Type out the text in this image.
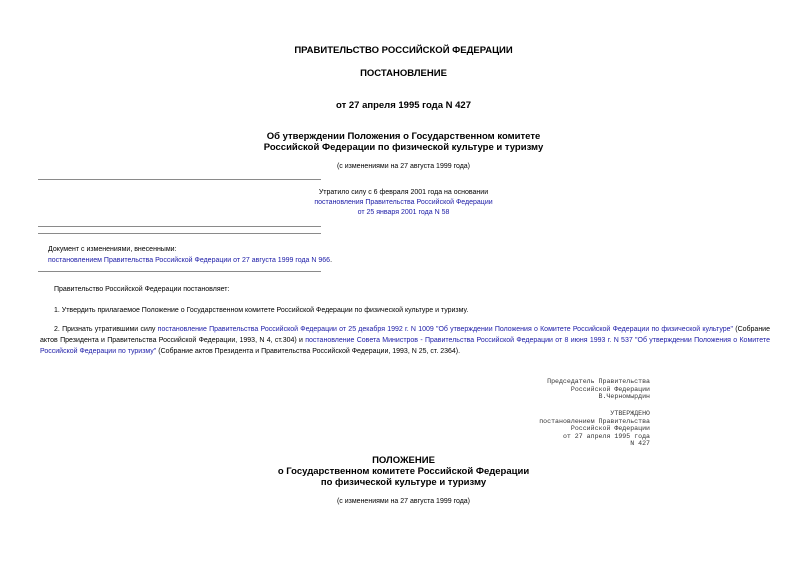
ПРАВИТЕЛЬСТВО РОССИЙСКОЙ ФЕДЕРАЦИИ
ПОСТАНОВЛЕНИЕ
от 27 апреля 1995 года N 427
Об утверждении Положения о Государственном комитете
Российской Федерации по физической культуре и туризму
(с изменениями на 27 августа 1999 года)
Утратило силу с 6 февраля 2001 года на основании
постановления Правительства Российской Федерации
от 25 января 2001 года N 58
Документ с изменениями, внесенными:
постановлением Правительства Российской Федерации от 27 августа 1999 года N 966.
Правительство Российской Федерации постановляет:
1. Утвердить прилагаемое Положение о Государственном комитете Российской Федерации по физической культуре и туризму.
2. Признать утратившими силу постановление Правительства Российской Федерации от 25 декабря 1992 г. N 1009 "Об утверждении Положения о Комитете Российской Федерации по физической культуре" (Собрание актов Президента и Правительства Российской Федерации, 1993, N 4, ст.304) и постановление Совета Министров - Правительства Российской Федерации от 8 июня 1993 г. N 537 "Об утверждении Положения о Комитете Российской Федерации по туризму" (Собрание актов Президента и Правительства Российской Федерации, 1993, N 25, ст. 2364).
Председатель Правительства
Российской Федерации
В.Черномырдин
УТВЕРЖДЕНО
постановлением Правительства
Российской Федерации
от 27 апреля 1995 года
N 427
ПОЛОЖЕНИЕ
о Государственном комитете Российской Федерации
по физической культуре и туризму
(с изменениями на 27 августа 1999 года)
